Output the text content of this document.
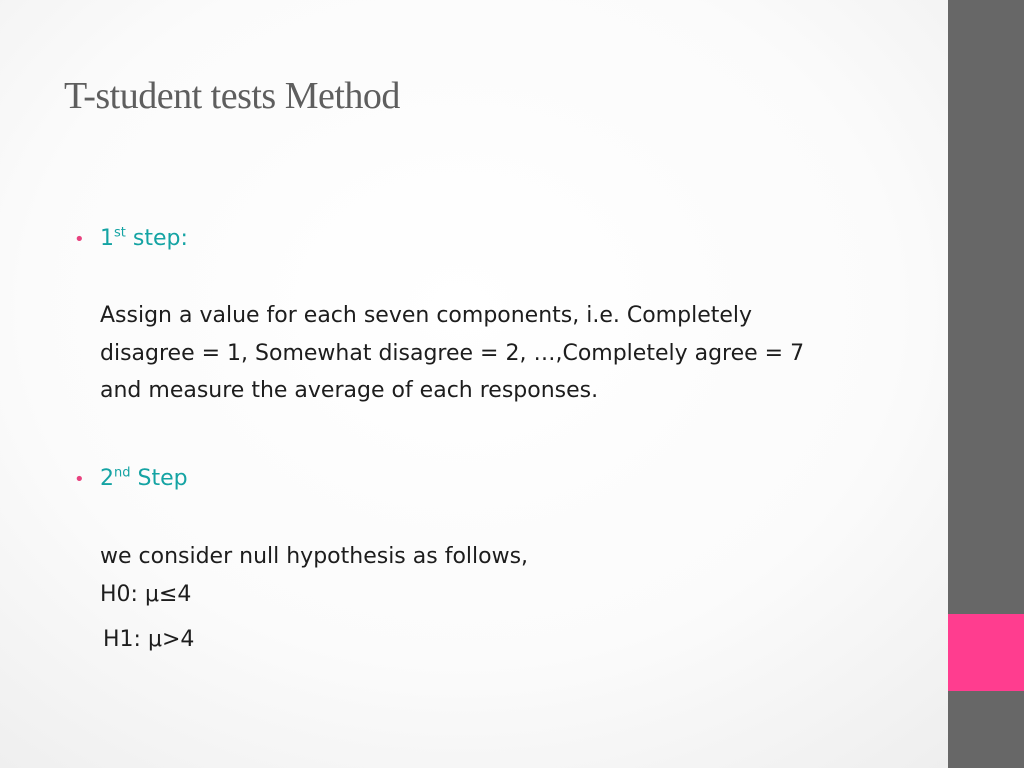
T-student tests Method
• 1st step:
Assign a value for each seven components, i.e. Completely
disagree = 1, Somewhat disagree = 2, …,Completely agree = 7
and measure the average of each responses.
• 2nd Step
we consider null hypothesis as follows,
H0: μ≤4
H1: μ>4
